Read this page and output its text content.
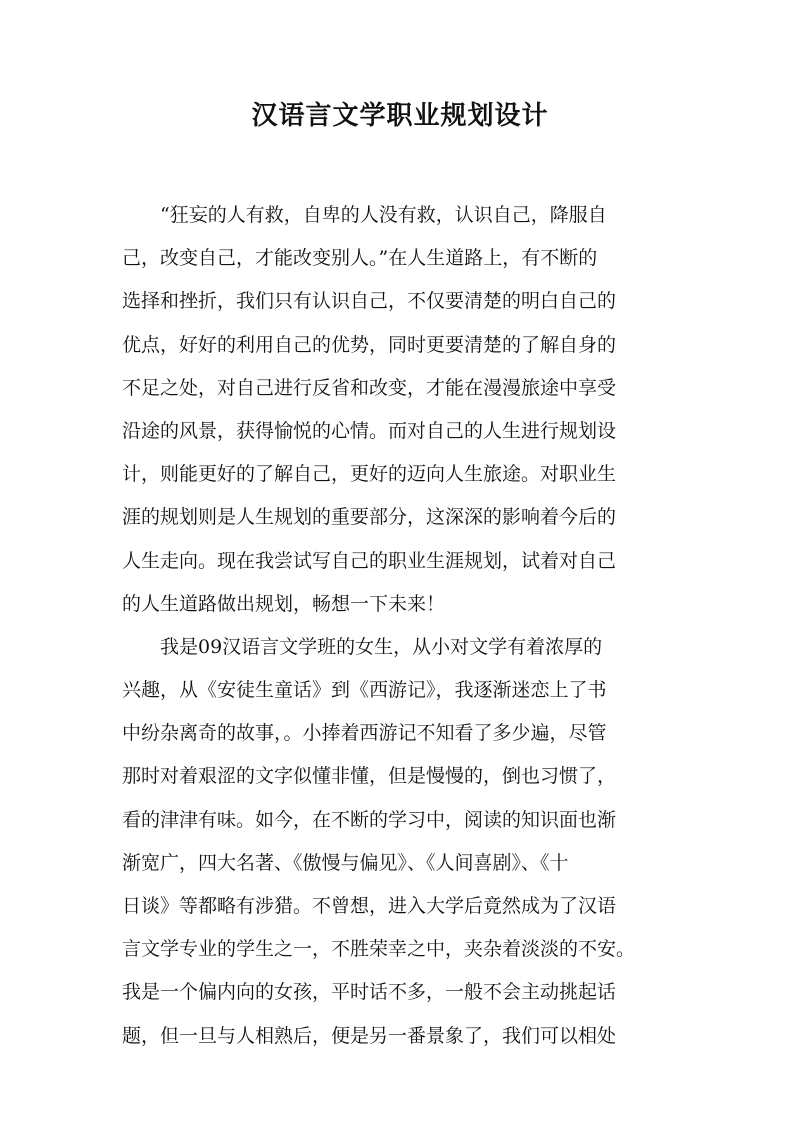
汉语言文学职业规划设计
　　“狂妄的人有救，自卑的人没有救，认识自己，降服自
己，改变自己，才能改变别人。”在人生道路上，有不断的
选择和挫折，我们只有认识自己，不仅要清楚的明白自己的
优点，好好的利用自己的优势，同时更要清楚的了解自身的
不足之处，对自己进行反省和改变，才能在漫漫旅途中享受
沿途的风景，获得愉悦的心情。而对自己的人生进行规划设
计，则能更好的了解自己，更好的迈向人生旅途。对职业生
涯的规划则是人生规划的重要部分，这深深的影响着今后的
人生走向。现在我尝试写自己的职业生涯规划，试着对自己
的人生道路做出规划，畅想一下未来！
　　我是09汉语言文学班的女生，从小对文学有着浓厚的
兴趣，从《安徒生童话》到《西游记》，我逐渐迷恋上了书
中纷杂离奇的故事，。小捧着西游记不知看了多少遍，尽管
那时对着艰涩的文字似懂非懂，但是慢慢的，倒也习惯了，
看的津津有味。如今，在不断的学习中，阅读的知识面也渐
渐宽广，四大名著、《傲慢与偏见》、《人间喜剧》、《十
日谈》等都略有涉猎。不曾想，进入大学后竟然成为了汉语
言文学专业的学生之一，不胜荣幸之中，夹杂着淡淡的不安。
我是一个偏内向的女孩，平时话不多，一般不会主动挑起话
题，但一旦与人相熟后，便是另一番景象了，我们可以相处
